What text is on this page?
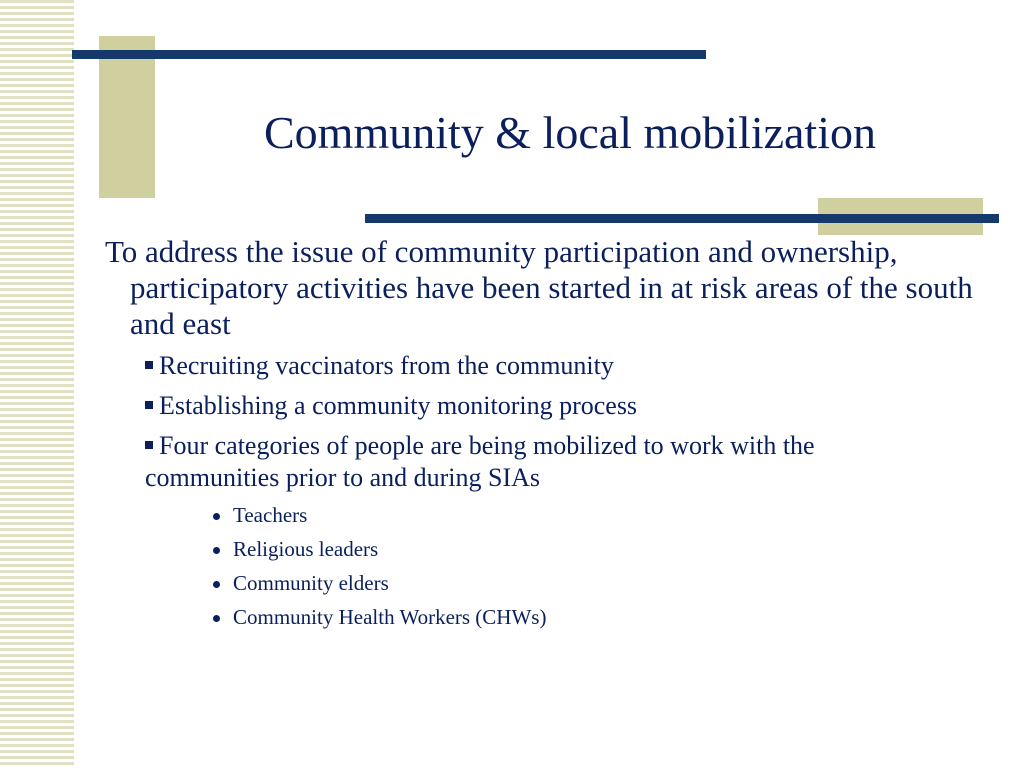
Community & local mobilization
To address the issue of community participation and ownership, participatory activities have been started in at risk areas of the south and east
Recruiting vaccinators from the community
Establishing a community monitoring process
Four categories of people are being mobilized to work with the communities prior to and during SIAs
Teachers
Religious leaders
Community elders
Community Health Workers (CHWs)
